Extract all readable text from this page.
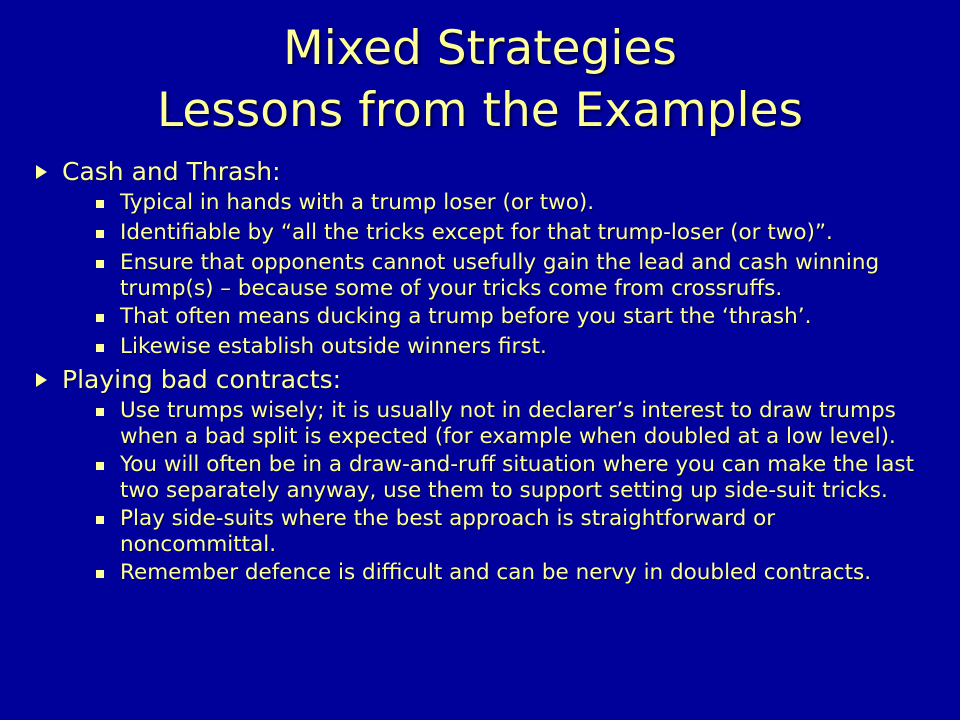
Mixed Strategies
Lessons from the Examples
Cash and Thrash:
Typical in hands with a trump loser (or two).
Identifiable by “all the tricks except for that trump-loser (or two)”.
Ensure that opponents cannot usefully gain the lead and cash winning trump(s) – because some of your tricks come from crossruffs.
That often means ducking a trump before you start the ‘thrash’.
Likewise establish outside winners first.
Playing bad contracts:
Use trumps wisely; it is usually not in declarer’s interest to draw trumps when a bad split is expected (for example when doubled at a low level).
You will often be in a draw-and-ruff situation where you can make the last two separately anyway, use them to support setting up side-suit tricks.
Play side-suits where the best approach is straightforward or noncommittal.
Remember defence is difficult and can be nervy in doubled contracts.
